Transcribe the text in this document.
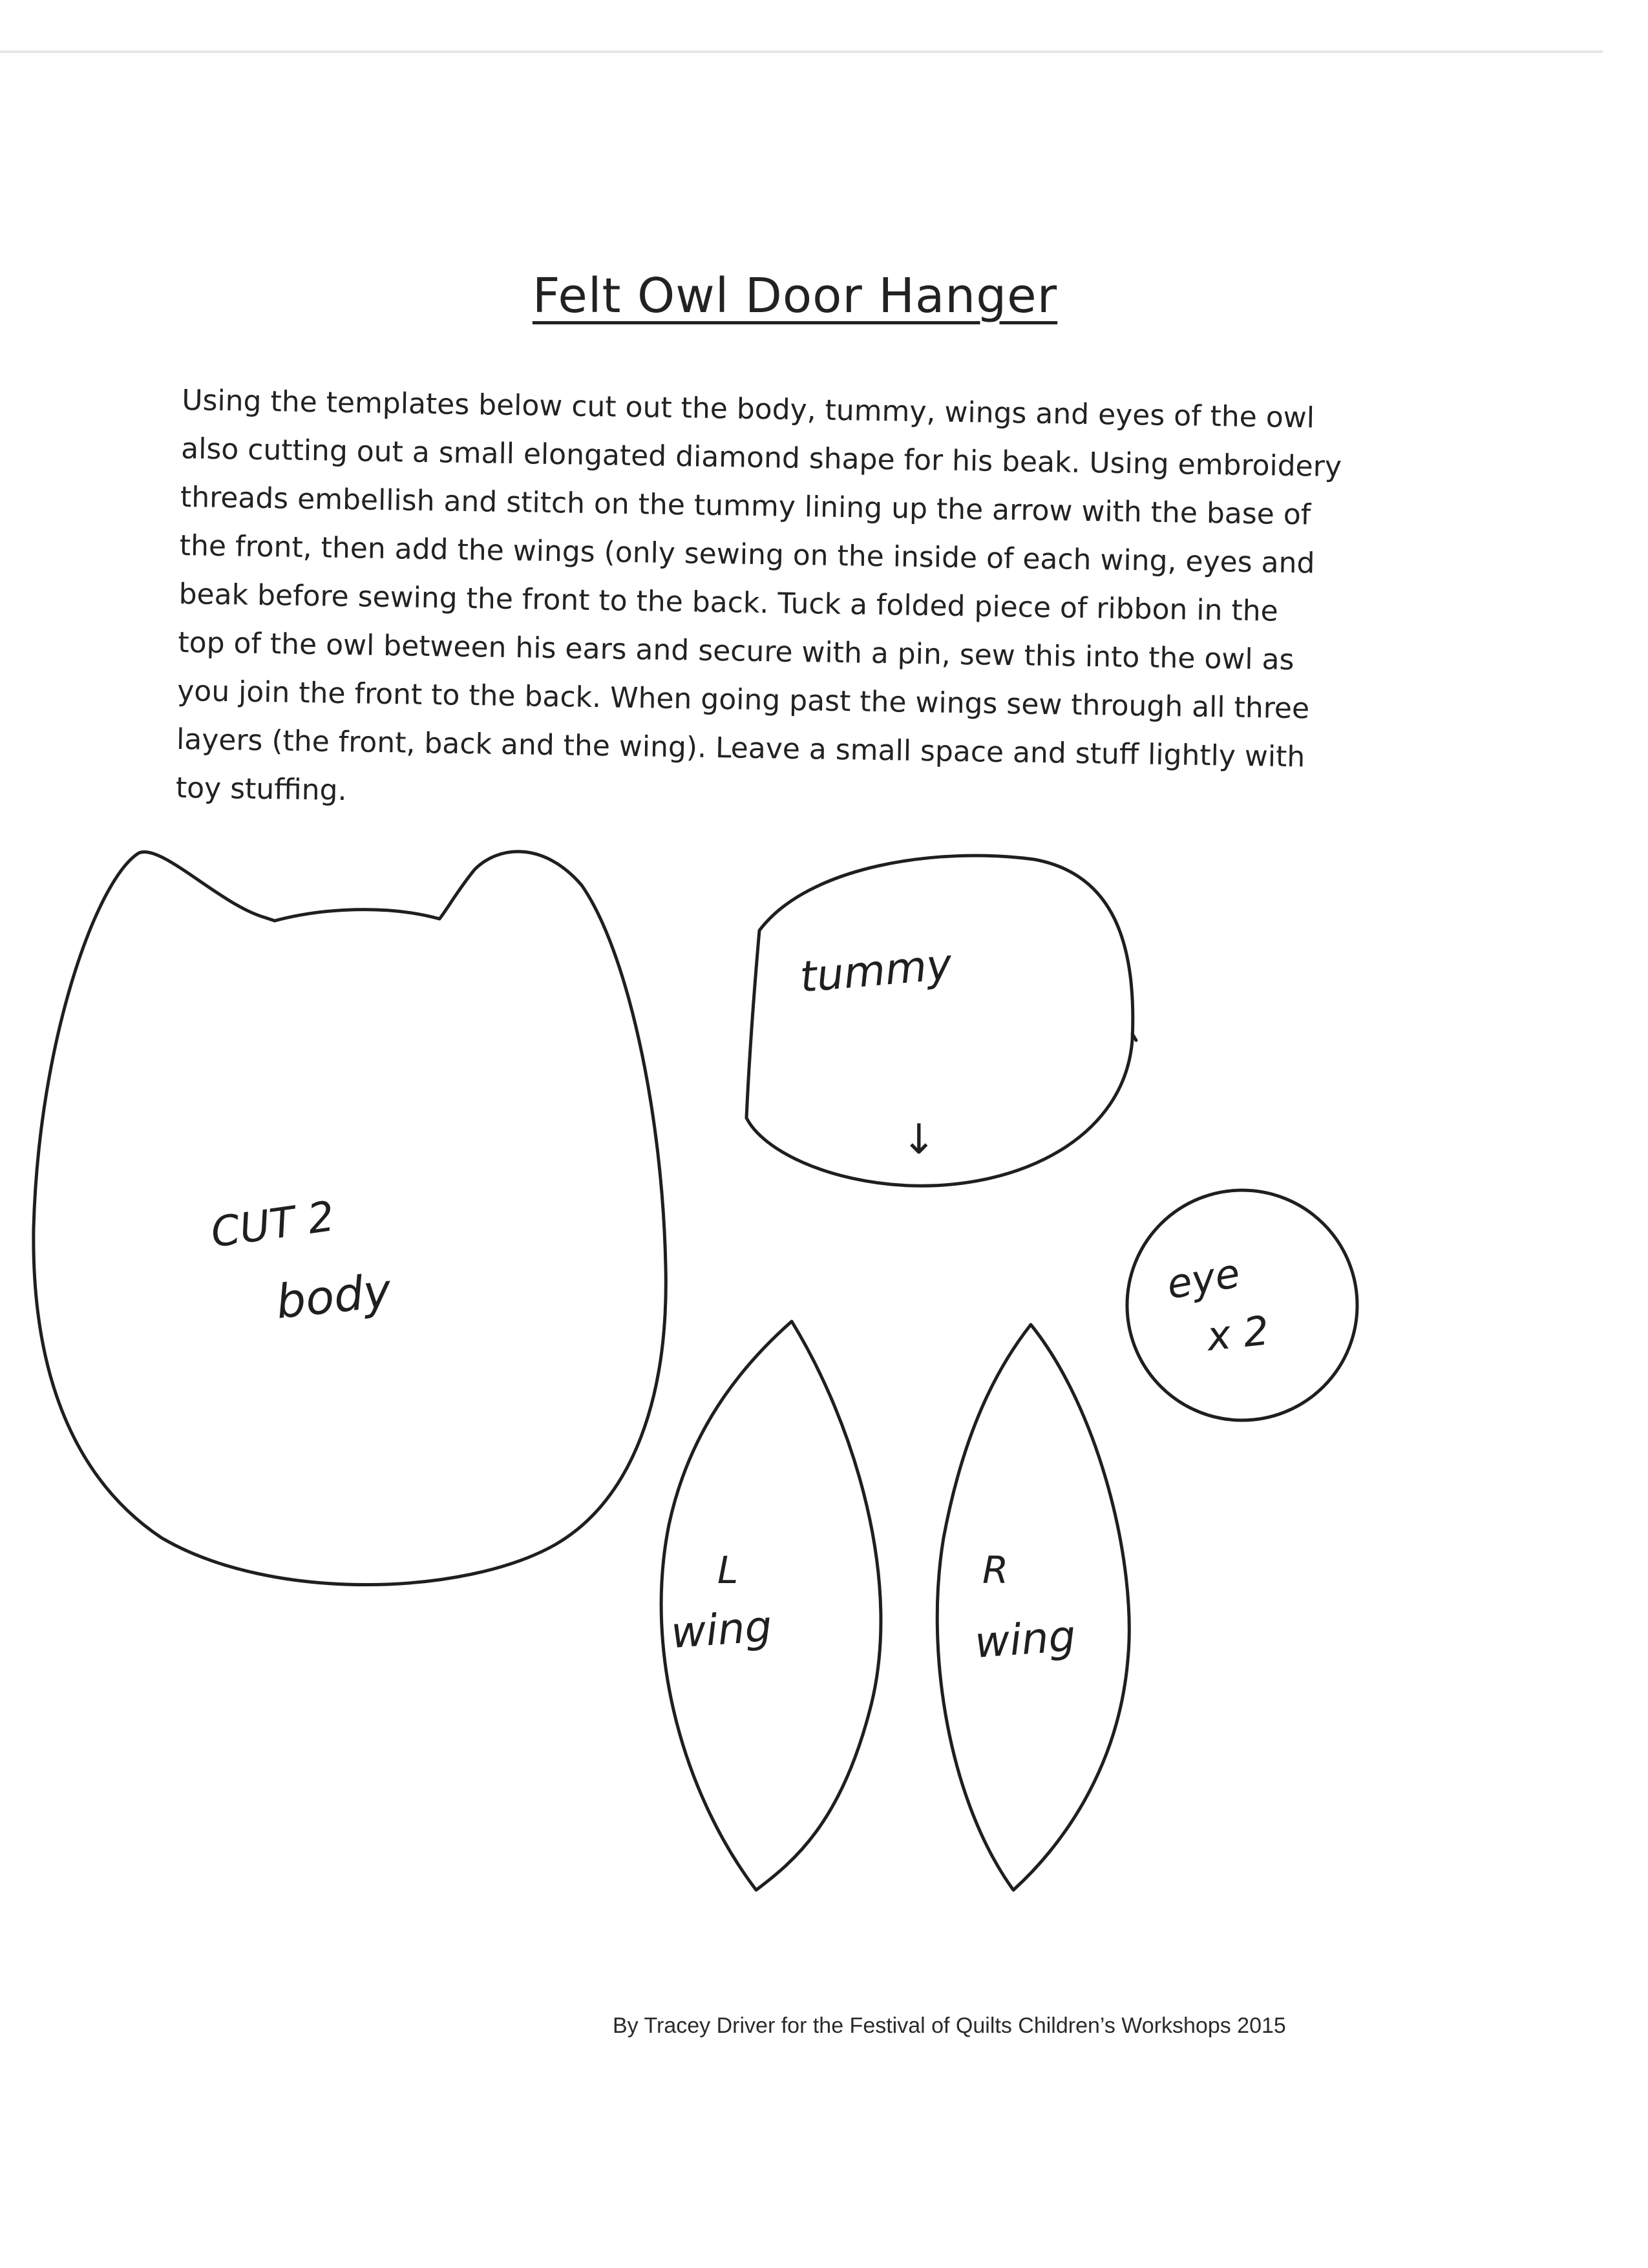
Felt Owl Door Hanger
Using the templates below cut out the body, tummy, wings and eyes of the owl
also cutting out a small elongated diamond shape for his beak. Using embroidery
threads embellish and stitch on the tummy lining up the arrow with the base of
the front, then add the wings (only sewing on the inside of each wing, eyes and
beak before sewing the front to the back. Tuck a folded piece of ribbon in the
top of the owl between his ears and secure with a pin, sew this into the owl as
you join the front to the back. When going past the wings sew through all three
layers (the front, back and the wing). Leave a small space and stuff lightly with
toy stuffing.
CUT 2
body
tummy
↓
eye
x 2
L
wing
R
wing
By Tracey Driver for the Festival of Quilts Children’s Workshops 2015
